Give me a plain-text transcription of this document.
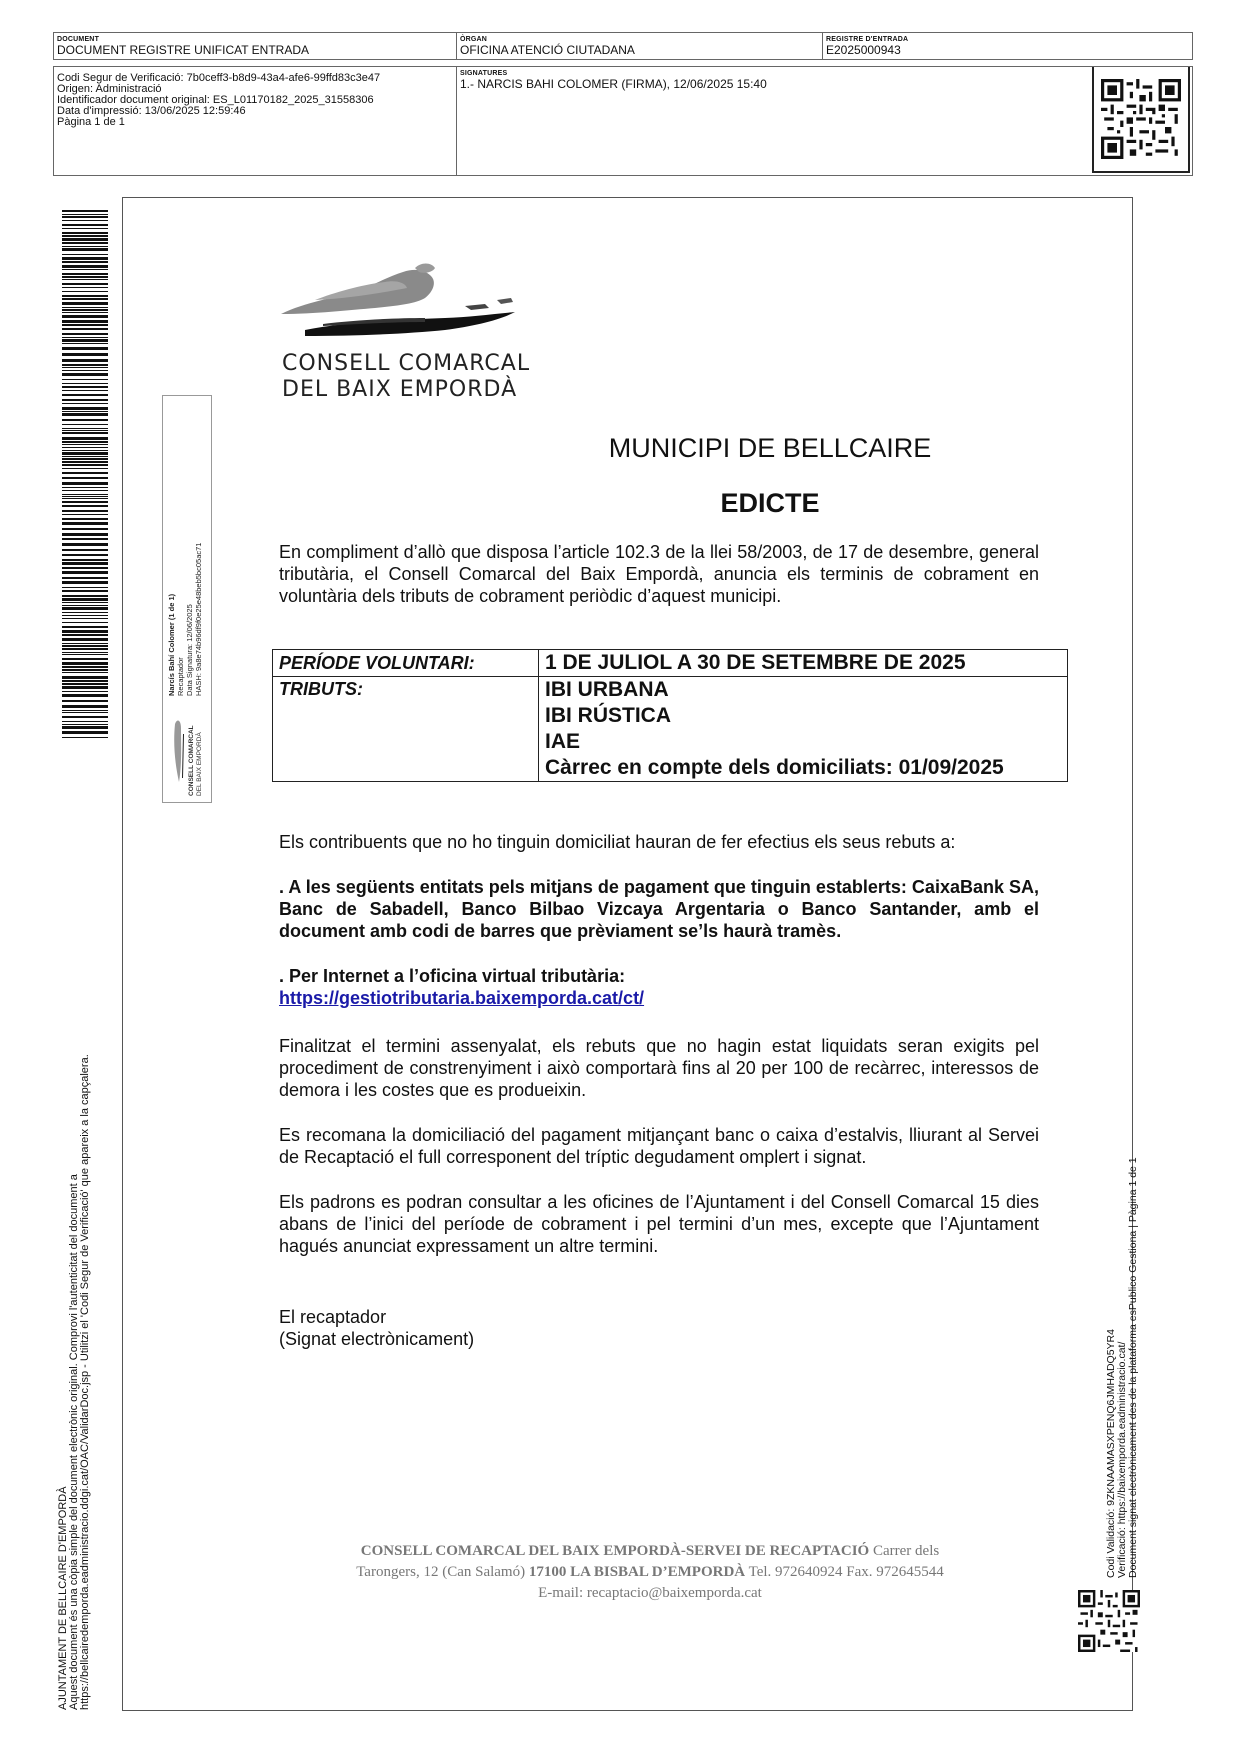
DOCUMENT
DOCUMENT REGISTRE UNIFICAT ENTRADA
ÒRGAN
OFICINA ATENCIÓ CIUTADANA
REGISTRE D'ENTRADA
E2025000943
Codi Segur de Verificació: 7b0ceff3-b8d9-43a4-afe6-99ffd83c3e47
Origen: Administració
Identificador document original: ES_L01170182_2025_31558306
Data d'impressió: 13/06/2025 12:59:46
Pàgina 1 de 1
SIGNATURES
1.- NARCIS BAHI COLOMER (FIRMA), 12/06/2025 15:40
AJUNTAMENT DE BELLCAIRE D'EMPORDÀ Aquest document és una còpia simple del document electrònic original. Comprovi l'autenticitat del document a https://bellcairedemporda.eadministracio.ddgi.cat/OAC/ValidarDoc.jsp - Utilitzi el 'Codi Segur de Verificació' que apareix a la capçalera.
CONSELL COMARCAL
DEL BAIX EMPORDÀ
Narcís Bahí Colomer (1 de 1) Recaptador Data Signatura: 12/06/2025 HASH: 9a8e74b96df9f0e25e48beb5bc05ac71
CONSELL COMARCAL DEL BAIX EMPORDÀ
MUNICIPI DE BELLCAIRE
EDICTE
En compliment d’allò que disposa l’article 102.3 de la llei 58/2003, de 17 de desembre, general tributària, el Consell Comarcal del Baix Empordà, anuncia els terminis de cobrament en voluntària dels tributs de cobrament periòdic d’aquest municipi.
PERÍODE VOLUNTARI:	1 DE JULIOL A 30 DE SETEMBRE DE 2025
TRIBUTS:	IBI URBANA
IBI RÚSTICA
IAE
Càrrec en compte dels domiciliats: 01/09/2025
Els contribuents que no ho tinguin domiciliat hauran de fer efectius els seus rebuts a:
. A les següents entitats pels mitjans de pagament que tinguin establerts: CaixaBank SA, Banc de Sabadell, Banco Bilbao Vizcaya Argentaria o Banco Santander, amb el document amb codi de barres que prèviament se’ls haurà tramès.
. Per Internet a l’oficina virtual tributària:
https://gestiotributaria.baixemporda.cat/ct/
Finalitzat el termini assenyalat, els rebuts que no hagin estat liquidats seran exigits pel procediment de constrenyiment i això comportarà fins al 20 per 100 de recàrrec, interessos de demora i les costes que es produeixin.
Es recomana la domiciliació del pagament mitjançant banc o caixa d’estalvis, lliurant al Servei de Recaptació el full corresponent del tríptic degudament omplert i signat.
Els padrons es podran consultar a les oficines de l’Ajuntament i del Consell Comarcal 15 dies abans de l’inici del període de cobrament i pel termini d’un mes, excepte que l’Ajuntament hagués anunciat expressament un altre termini.
El recaptador
(Signat electrònicament)
CONSELL COMARCAL DEL BAIX EMPORDÀ-SERVEI DE RECAPTACIÓ Carrer dels
Tarongers, 12 (Can Salamó) 17100 LA BISBAL D’EMPORDÀ Tel. 972640924 Fax. 972645544
E-mail: recaptacio@baixemporda.cat
Codi Validació: 9ZKNAAMASXPENQ6JMHADQ5YR4 Verificació: https://baixemporda.eadministracio.cat/ Document signat electrònicament des de la plataforma esPublico Gestiona | Pàgina 1 de 1
